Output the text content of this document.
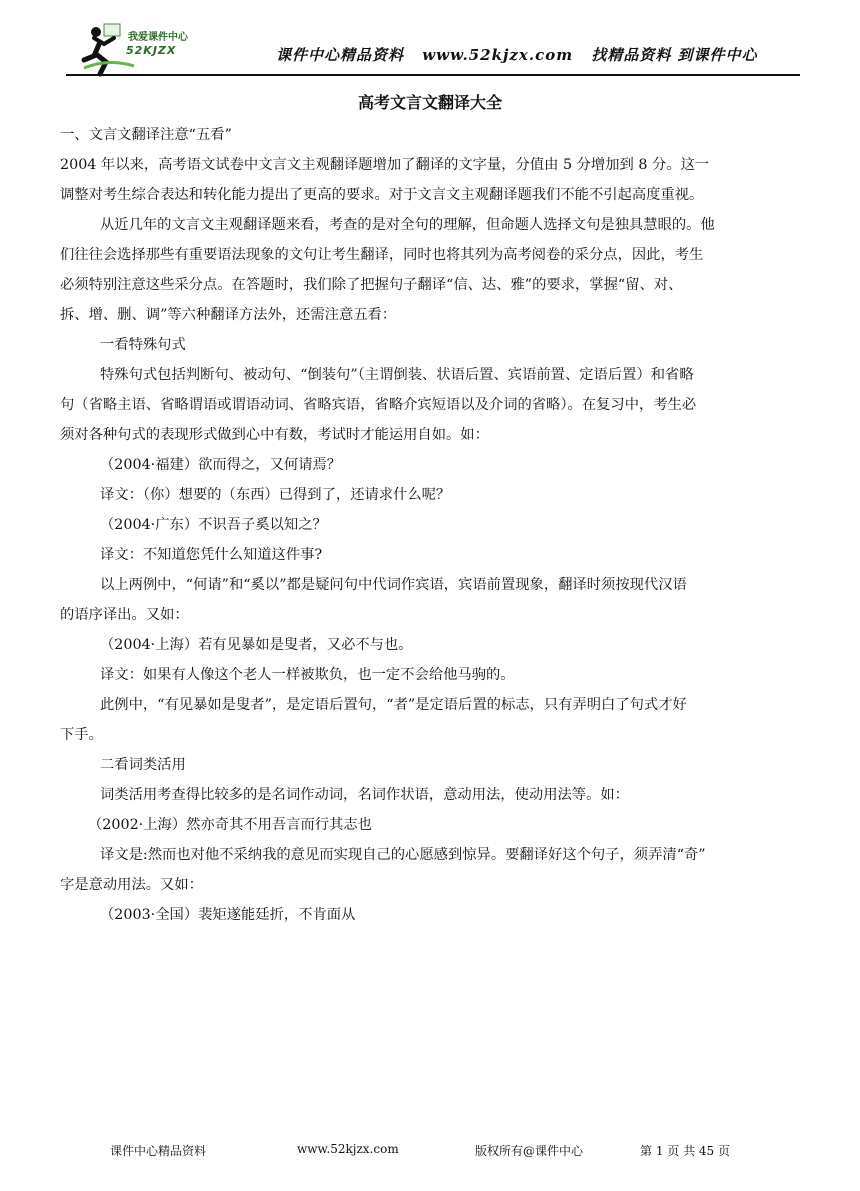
我爱课件中心
52KJZX	课件中心精品资料 www.52kjzx.com 找精品资料 到课件中心
高考文言文翻译大全

一、文言文翻译注意“五看”

2004 年以来，高考语文试卷中文言文主观翻译题增加了翻译的文字量，分值由 5 分增加到 8 分。这一

调整对考生综合表达和转化能力提出了更高的要求。对于文言文主观翻译题我们不能不引起高度重视。

从近几年的文言文主观翻译题来看，考查的是对全句的理解，但命题人选择文句是独具慧眼的。他

们往往会选择那些有重要语法现象的文句让考生翻译，同时也将其列为高考阅卷的采分点，因此，考生

必须特别注意这些采分点。在答题时，我们除了把握句子翻译“信、达、雅”的要求，掌握“留、对、

拆、增、删、调”等六种翻译方法外，还需注意五看：

一看特殊句式

特殊句式包括判断句、被动句、“倒装句”（主谓倒装、状语后置、宾语前置、定语后置）和省略

句（省略主语、省略谓语或谓语动词、省略宾语，省略介宾短语以及介词的省略）。在复习中，考生必

须对各种句式的表现形式做到心中有数，考试时才能运用自如。如：

（2004·福建）欲而得之，又何请焉？

译文：（你）想要的（东西）已得到了，还请求什么呢？

（2004·广东）不识吾子奚以知之？

译文：不知道您凭什么知道这件事?

以上两例中，“何请”和“奚以”都是疑问句中代词作宾语，宾语前置现象，翻译时须按现代汉语

的语序译出。又如：

（2004·上海）若有见暴如是叟者，又必不与也。

译文：如果有人像这个老人一样被欺负，也一定不会给他马驹的。

此例中，“有见暴如是叟者”，是定语后置句，“者”是定语后置的标志，只有弄明白了句式才好

下手。

二看词类活用

词类活用考查得比较多的是名词作动词，名词作状语，意动用法，使动用法等。如：

（2002·上海）然亦奇其不用吾言而行其志也

译文是:然而也对他不采纳我的意见而实现自己的心愿感到惊异。要翻译好这个句子，须弄清“奇”

字是意动用法。又如：

（2003·全国）裴矩遂能廷折，不肯面从

课件中心精品资料	www.52kjzx.com	版权所有@课件中心	第 1 页 共 45 页
